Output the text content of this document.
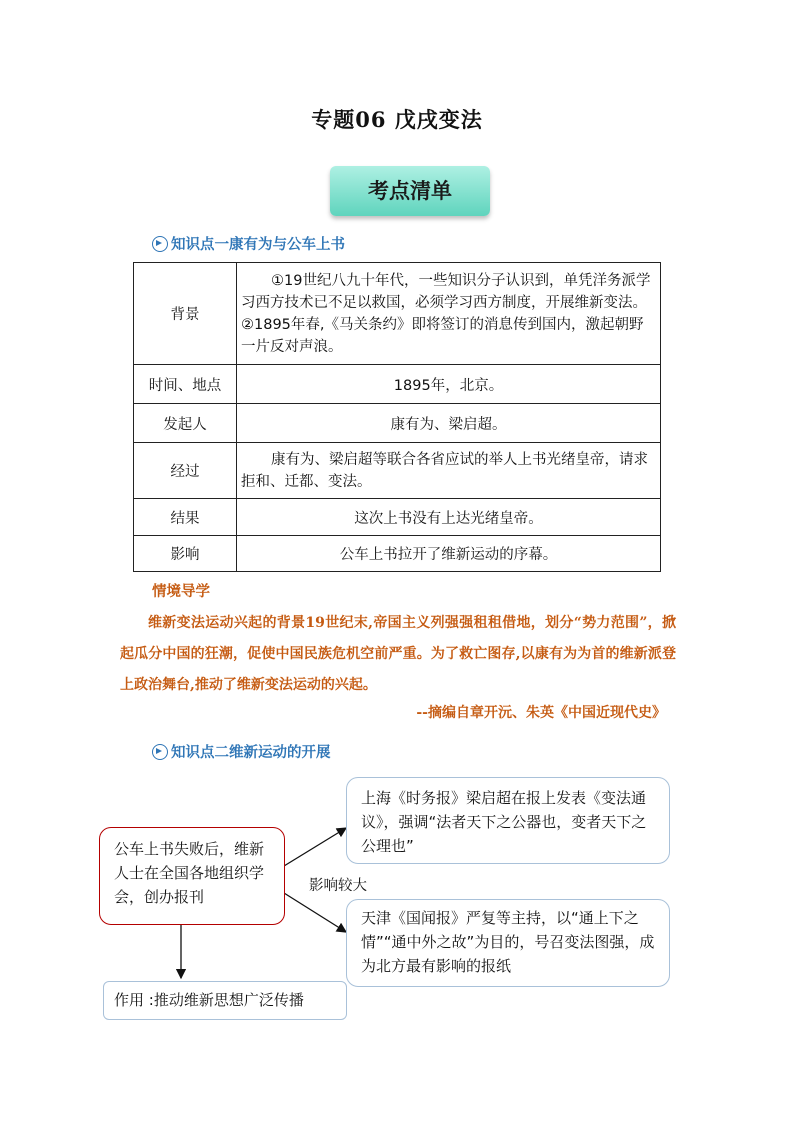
专题06 戊戌变法
考点清单
知识点一康有为与公车上书
背景	①19世纪八九十年代，一些知识分子认识到，单凭洋务派学习西方技术已不足以救国，必须学习西方制度，开展维新变法。②1895年春,《马关条约》即将签订的消息传到国内，激起朝野一片反对声浪。
时间、地点	1895年，北京。
发起人	康有为、梁启超。
经过	康有为、梁启超等联合各省应试的举人上书光绪皇帝，请求拒和、迁都、变法。
结果	这次上书没有上达光绪皇帝。
影响	公车上书拉开了维新运动的序幕。
情境导学
维新变法运动兴起的背景19世纪末,帝国主义列强强租租借地，划分“势力范围”，掀起瓜分中国的狂潮，促使中国民族危机空前严重。为了救亡图存,以康有为为首的维新派登上政治舞台,推动了维新变法运动的兴起。
--摘编自章开沅、朱英《中国近现代史》
知识点二维新运动的开展
公车上书失败后，维新人士在全国各地组织学会，创办报刊
上海《时务报》梁启超在报上发表《变法通议》，强调“法者天下之公器也，变者天下之公理也”
天津《国闻报》严复等主持，以“通上下之情”“通中外之故”为目的，号召变法图强，成为北方最有影响的报纸
影响较大
作用 :推动维新思想广泛传播
